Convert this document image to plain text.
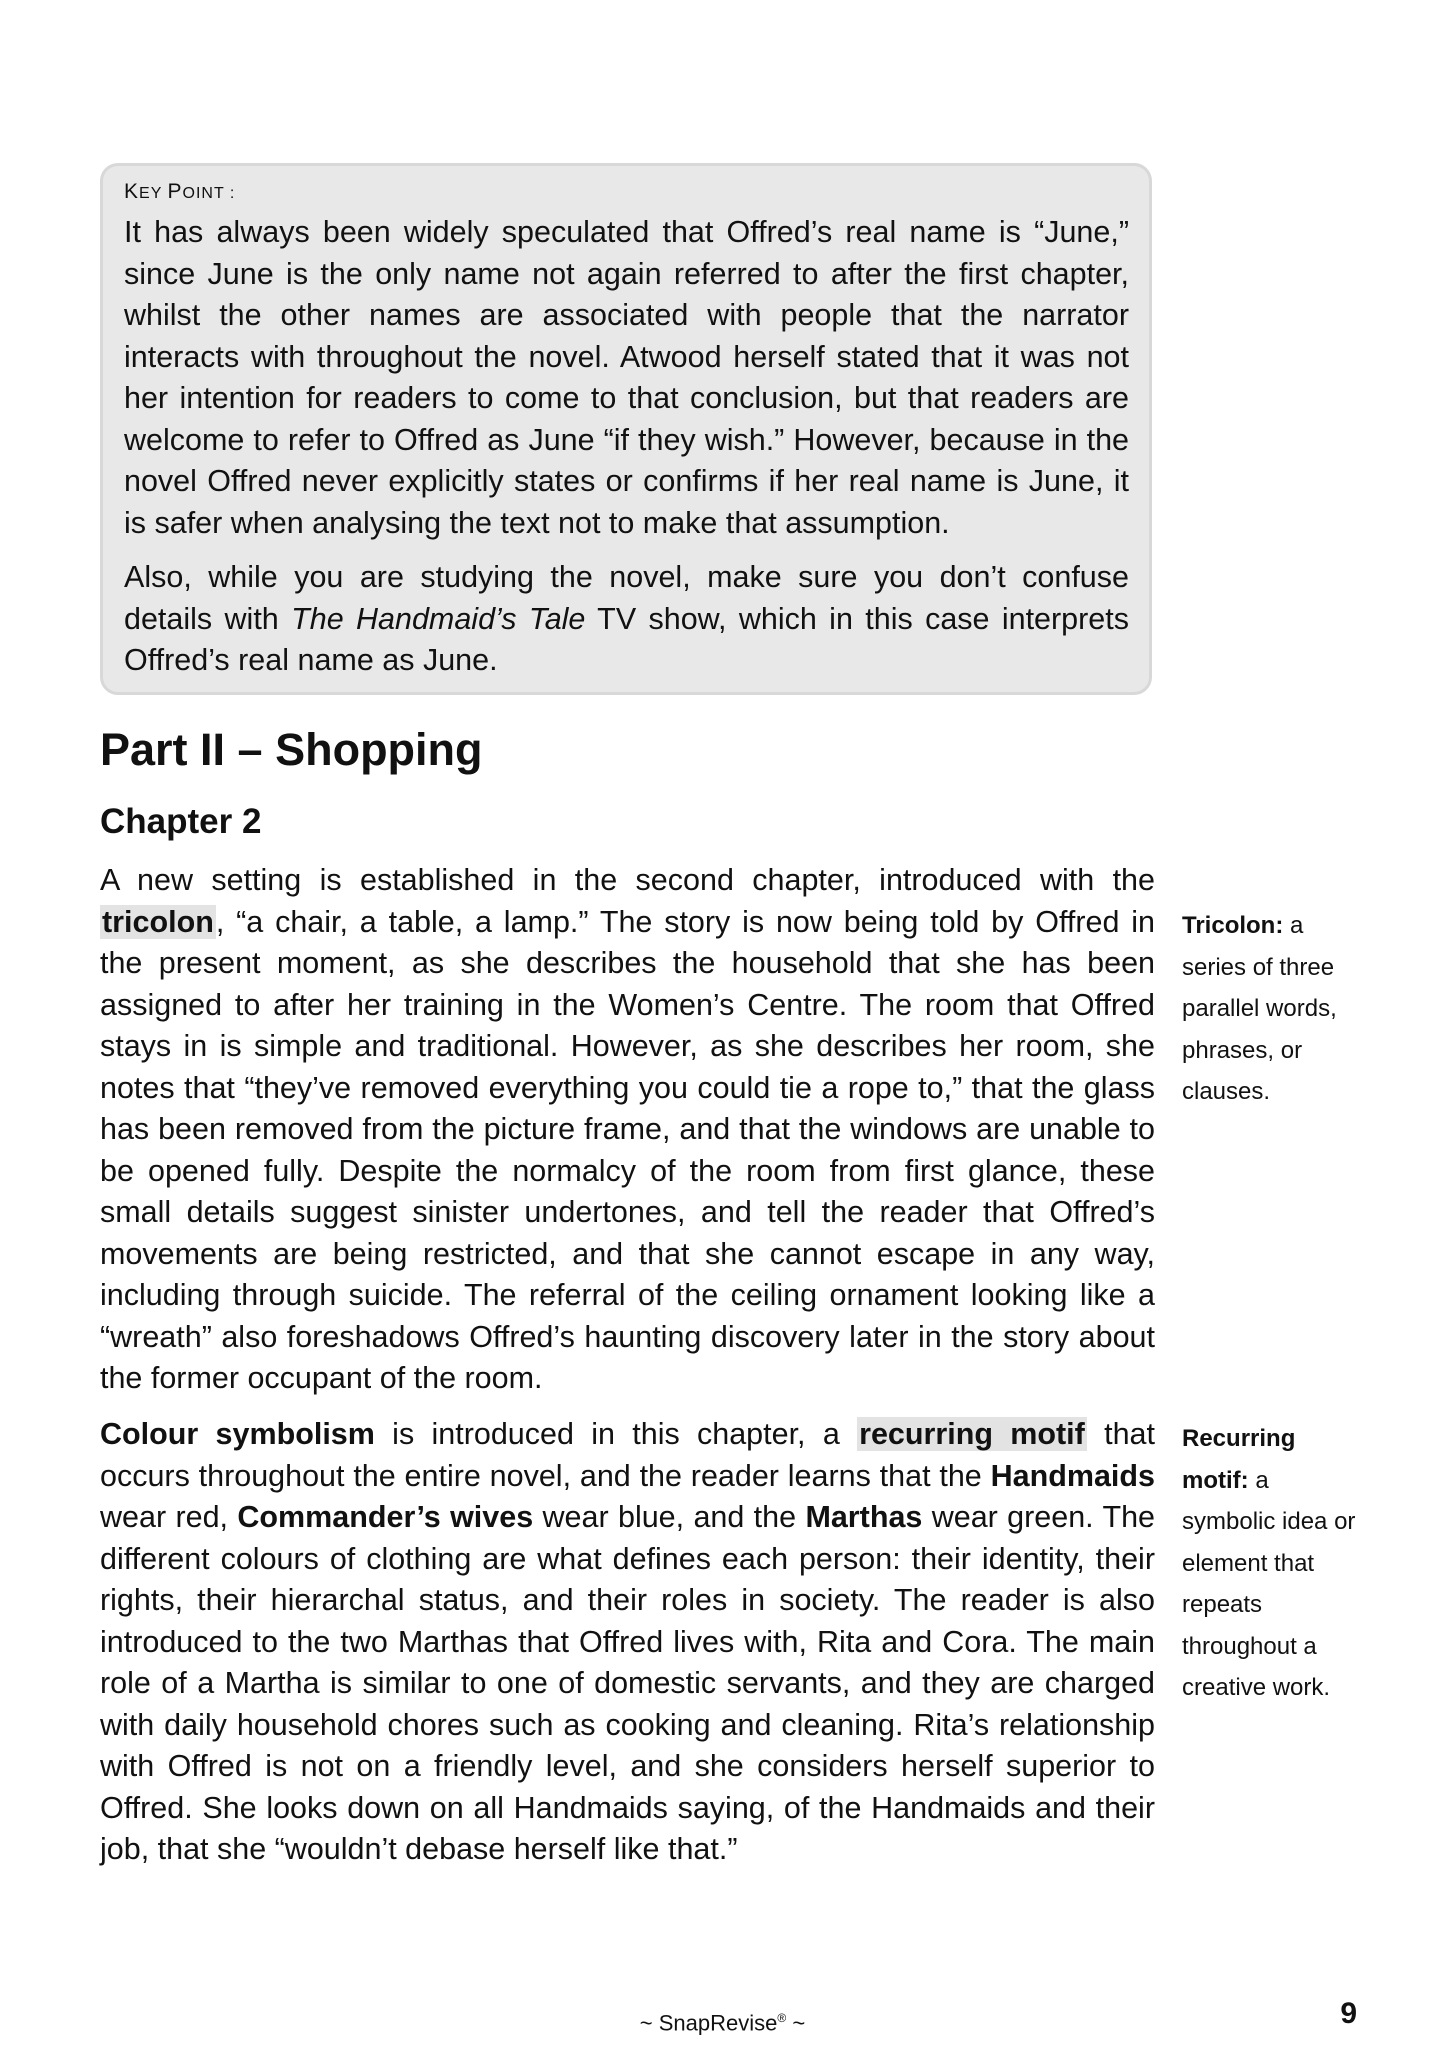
KEY POINT :

It has always been widely speculated that Offred’s real name is “June,” since June is the only name not again referred to after the first chapter, whilst the other names are associated with people that the narrator interacts with throughout the novel. Atwood herself stated that it was not her intention for readers to come to that conclusion, but that readers are welcome to refer to Offred as June “if they wish.” However, because in the novel Offred never explicitly states or confirms if her real name is June, it is safer when analysing the text not to make that assumption.

Also, while you are studying the novel, make sure you don’t confuse details with The Handmaid’s Tale TV show, which in this case interprets Offred’s real name as June.

Part II – Shopping
Chapter 2

A new setting is established in the second chapter, introduced with the tricolon, “a chair, a table, a lamp.” The story is now being told by Offred in the present moment, as she describes the household that she has been assigned to after her training in the Women’s Centre. The room that Offred stays in is simple and traditional. However, as she describes her room, she notes that “they’ve removed everything you could tie a rope to,” that the glass has been removed from the picture frame, and that the windows are unable to be opened fully. Despite the normalcy of the room from first glance, these small details suggest sinister undertones, and tell the reader that Offred’s movements are being restricted, and that she cannot escape in any way, including through suicide. The referral of the ceiling ornament looking like a “wreath” also foreshadows Offred’s haunting discovery later in the story about the former occupant of the room.

Colour symbolism is introduced in this chapter, a recurring motif that occurs throughout the entire novel, and the reader learns that the Handmaids wear red, Commander’s wives wear blue, and the Marthas wear green. The different colours of clothing are what defines each person: their identity, their rights, their hierarchal status, and their roles in society. The reader is also introduced to the two Marthas that Offred lives with, Rita and Cora. The main role of a Martha is similar to one of domestic servants, and they are charged with daily household chores such as cooking and cleaning. Rita’s relationship with Offred is not on a friendly level, and she considers herself superior to Offred. She looks down on all Handmaids saying, of the Handmaids and their job, that she “wouldn’t debase herself like that.”

Tricolon: a series of three parallel words, phrases, or clauses.
Recurring motif: a symbolic idea or element that repeats throughout a creative work.
~ SnapRevise® ~	9
